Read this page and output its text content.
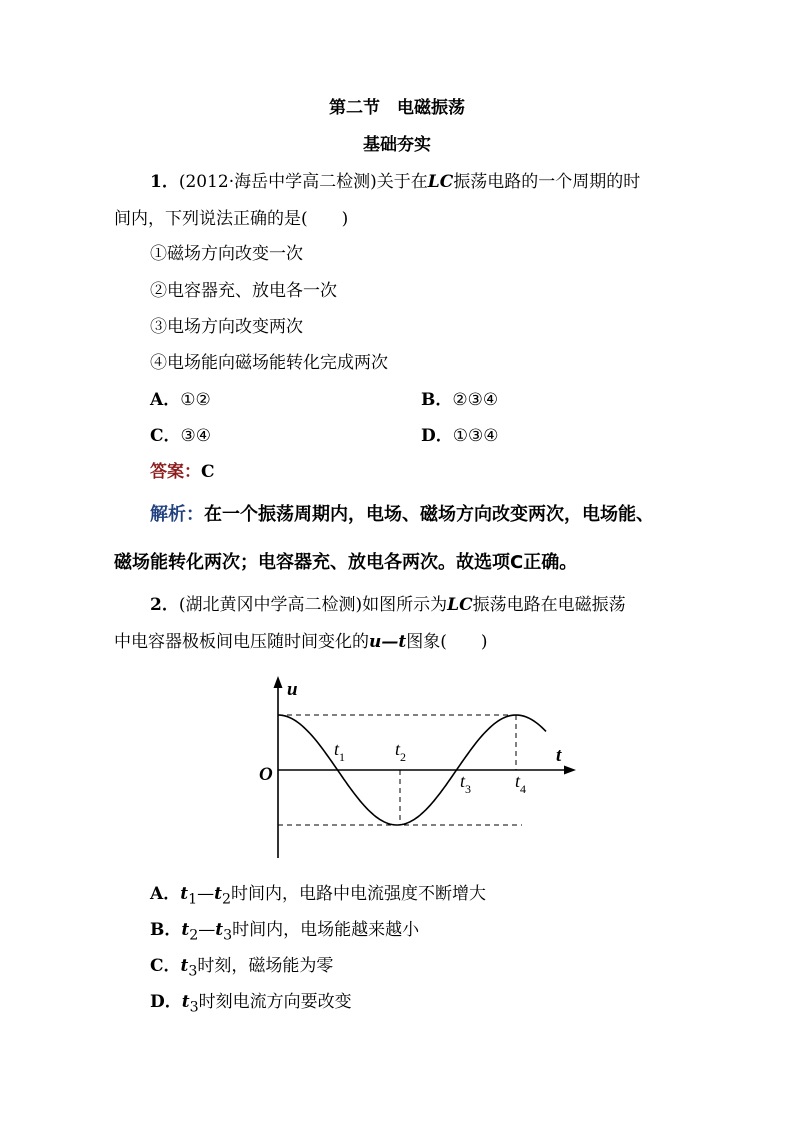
第二节　电磁振荡
基础夯实
1．(2012·海岳中学高二检测)关于在LC振荡电路的一个周期的时
间内，下列说法正确的是(　　)
①磁场方向改变一次
②电容器充、放电各一次
③电场方向改变两次
④电场能向磁场能转化完成两次
A．①②	B．②③④
C．③④	D．①③④
答案：C
解析：在一个振荡周期内，电场、磁场方向改变两次，电场能、
磁场能转化两次；电容器充、放电各两次。故选项C正确。
2．(湖北黄冈中学高二检测)如图所示为LC振荡电路在电磁振荡
中电容器极板间电压随时间变化的u—t图象(　　)
u
t
O
$t_1$	$t_2$
$t_3$ $t_4$
A．$t_1—t_2$时间内，电路中电流强度不断增大
B．$t_2—t_3$时间内，电场能越来越小
C．$t_3$时刻，磁场能为零
D．$t_3$时刻电流方向要改变
